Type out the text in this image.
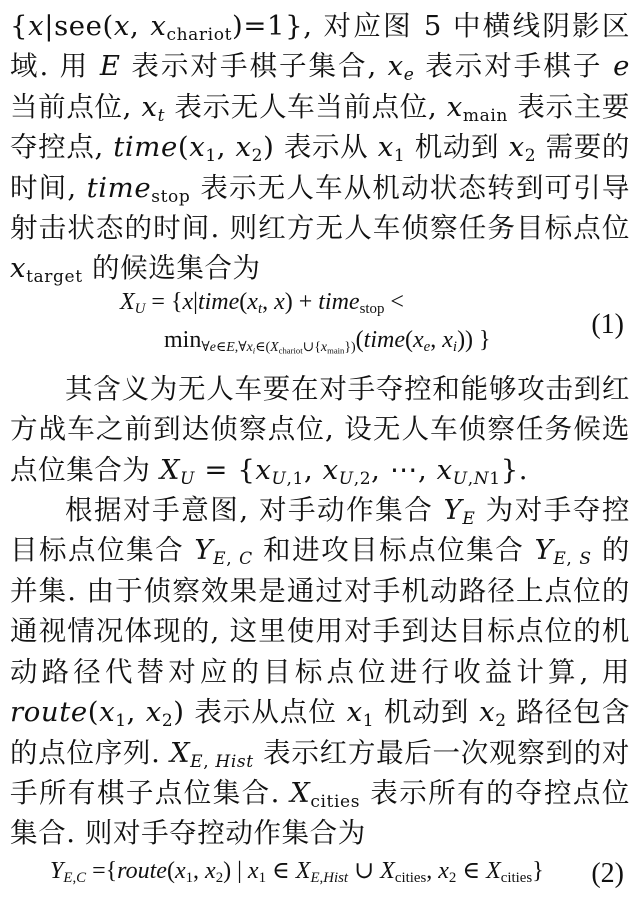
{x|see(x, $x_{chariot})=1$}, 对应图 5 中横线阴影区域. 用 E 表示对手棋子集合, $x_e$ 表示对手棋子 e 当前点位, $x_t$ 表示无人车当前点位, $x_{main}$ 表示主要夺控点, $time(x_1$, $x_2$) 表示从 $x_1$ 机动到 $x_2$ 需要的时间, time$_{stop}$ 表示无人车从机动状态转到可引导射击状态的时间. 则红方无人车侦察任务目标点位 $x_{target}$ 的候选集合为

$X_U$ = {$x|time(x_t$, x) + time$_{stop}$ <
$\min_{\forall e\in E,\forall x_i\in(X_{chariot}\cup\{x_{main}\})}(time(x_e$, $x_i$)) }	(1)

其含义为无人车要在对手夺控和能够攻击到红方战车之前到达侦察点位, 设无人车侦察任务候选点位集合为 $X_U = \{x_{U,1}$, $x_{U,2}$, ⋯, $x_{U,N1}$}.

根据对手意图, 对手动作集合 $Y_E$ 为对手夺控目标点位集合 $Y_{E, C}$ 和进攻目标点位集合 $Y_{E, S}$ 的并集. 由于侦察效果是通过对手机动路径上点位的通视情况体现的, 这里使用对手到达目标点位的机动路径代替对应的目标点位进行收益计算, 用 $route(x_1$, $x_2$) 表示从点位 $x_1$ 机动到 $x_2$ 路径包含的点位序列. $X_{E, Hist}$ 表示红方最后一次观察到的对手所有棋子点位集合. $X_{cities}$ 表示所有的夺控点位集合. 则对手夺控动作集合为

$Y_{E,C}$ $=\{route(x_1$, $x_2$) | $x_1$ ∈ $X_{E,Hist}$ ∪ $X_{cities}$, $x_2$ ∈ $X_{cities}$} (2)
